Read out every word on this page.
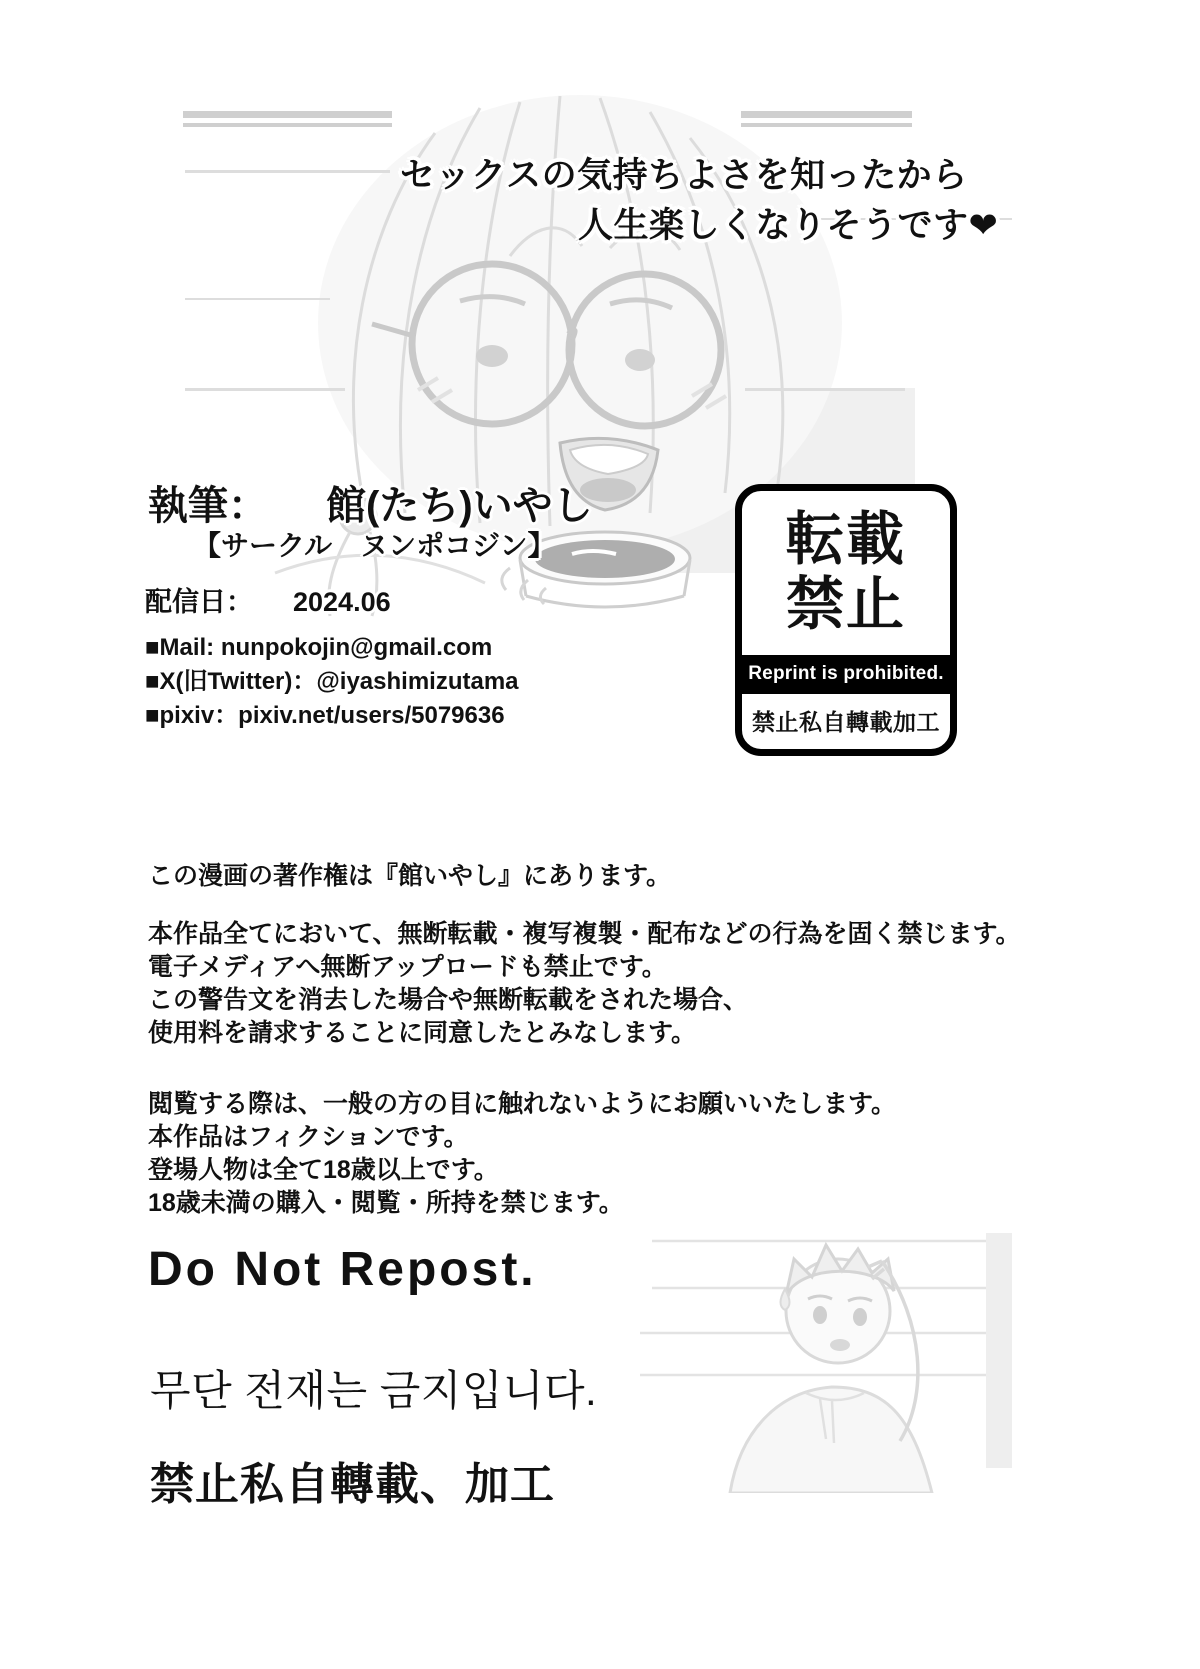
セックスの気持ちよさを知ったから
人生楽しくなりそうです❤
執筆： 館(たち)いやし
【サークル　ヌンポコジン】
配信日： 2024.06
■Mail: nunpokojin@gmail.com
■X(旧Twitter)：@iyashimizutama
■pixiv：pixiv.net/users/5079636
転載
禁止
Reprint is prohibited.
禁止私自轉載加工
この漫画の著作権は『館いやし』にあります。
本作品全てにおいて、無断転載・複写複製・配布などの行為を固く禁じます。
電子メディアへ無断アップロードも禁止です。
この警告文を消去した場合や無断転載をされた場合、
使用料を請求することに同意したとみなします。
閲覧する際は、一般の方の目に触れないようにお願いいたします。
本作品はフィクションです。
登場人物は全て18歳以上です。
18歳未満の購入・閲覧・所持を禁じます。
Do Not Repost.
무단 전재는 금지입니다.
禁止私自轉載、加工
